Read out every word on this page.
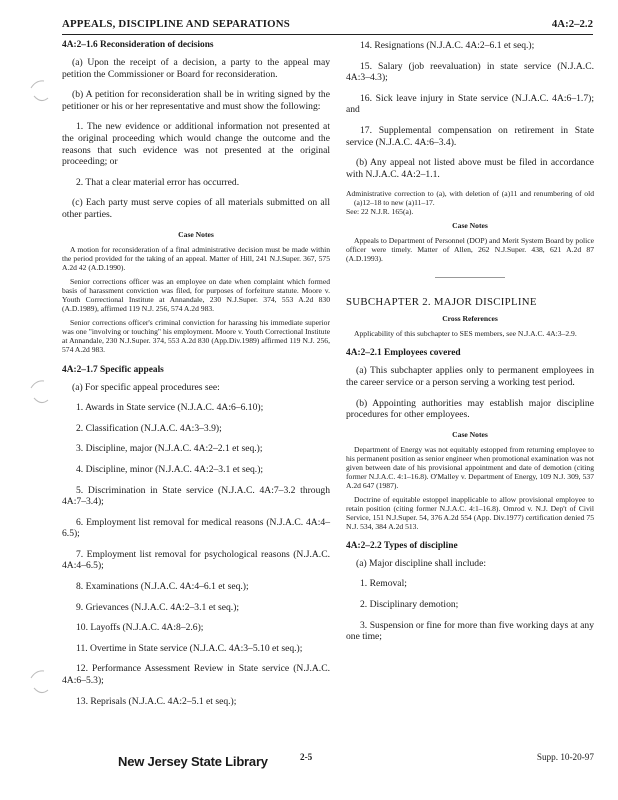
APPEALS, DISCIPLINE AND SEPARATIONS	4A:2–2.2

4A:2–1.6 Reconsideration of decisions

(a) Upon the receipt of a decision, a party to the appeal may petition the Commissioner or Board for reconsideration.

(b) A petition for reconsideration shall be in writing signed by the petitioner or his or her representative and must show the following:

1. The new evidence or additional information not presented at the original proceeding which would change the outcome and the reasons that such evidence was not presented at the original proceeding; or

2. That a clear material error has occurred.

(c) Each party must serve copies of all materials submitted on all other parties.

Case Notes

A motion for reconsideration of a final administrative decision must be made within the period provided for the taking of an appeal. Matter of Hill, 241 N.J.Super. 367, 575 A.2d 42 (A.D.1990).

Senior corrections officer was an employee on date when complaint which formed basis of harassment conviction was filed, for purposes of forfeiture statute. Moore v. Youth Correctional Institute at Annandale, 230 N.J.Super. 374, 553 A.2d 830 (A.D.1989), affirmed 119 N.J. 256, 574 A.2d 983.

Senior corrections officer's criminal conviction for harassing his immediate superior was one "involving or touching" his employment. Moore v. Youth Correctional Institute at Annandale, 230 N.J.Super. 374, 553 A.2d 830 (App.Div.1989) affirmed 119 N.J. 256, 574 A.2d 983.

4A:2–1.7 Specific appeals

(a) For specific appeal procedures see:

1. Awards in State service (N.J.A.C. 4A:6–6.10);

2. Classification (N.J.A.C. 4A:3–3.9);

3. Discipline, major (N.J.A.C. 4A:2–2.1 et seq.);

4. Discipline, minor (N.J.A.C. 4A:2–3.1 et seq.);

5. Discrimination in State service (N.J.A.C. 4A:7–3.2 through 4A:7–3.4);

6. Employment list removal for medical reasons (N.J.A.C. 4A:4–6.5);

7. Employment list removal for psychological reasons (N.J.A.C. 4A:4–6.5);

8. Examinations (N.J.A.C. 4A:4–6.1 et seq.);

9. Grievances (N.J.A.C. 4A:2–3.1 et seq.);

10. Layoffs (N.J.A.C. 4A:8–2.6);

11. Overtime in State service (N.J.A.C. 4A:3–5.10 et seq.);

12. Performance Assessment Review in State service (N.J.A.C. 4A:6–5.3);

13. Reprisals (N.J.A.C. 4A:2–5.1 et seq.);

14. Resignations (N.J.A.C. 4A:2–6.1 et seq.);

15. Salary (job reevaluation) in state service (N.J.A.C. 4A:3–4.3);

16. Sick leave injury in State service (N.J.A.C. 4A:6–1.7); and

17. Supplemental compensation on retirement in State service (N.J.A.C. 4A:6–3.4).

(b) Any appeal not listed above must be filed in accordance with N.J.A.C. 4A:2–1.1.

Administrative correction to (a), with deletion of (a)11 and renumbering of old (a)12–18 to new (a)11–17.

See: 22 N.J.R. 165(a).

Case Notes

Appeals to Department of Personnel (DOP) and Merit System Board by police officer were timely. Matter of Allen, 262 N.J.Super. 438, 621 A.2d 87 (A.D.1993).

SUBCHAPTER 2. MAJOR DISCIPLINE

Cross References

Applicability of this subchapter to SES members, see N.J.A.C. 4A:3–2.9.

4A:2–2.1 Employees covered

(a) This subchapter applies only to permanent employees in the career service or a person serving a working test period.

(b) Appointing authorities may establish major discipline procedures for other employees.

Case Notes

Department of Energy was not equitably estopped from returning employee to his permanent position as senior engineer when promotional examination was not given between date of his provisional appointment and date of demotion (citing former N.J.A.C. 4:1–16.8). O'Malley v. Department of Energy, 109 N.J. 309, 537 A.2d 647 (1987).

Doctrine of equitable estoppel inapplicable to allow provisional employee to retain position (citing former N.J.A.C. 4:1–16.8). Omrod v. N.J. Dep't of Civil Service, 151 N.J.Super. 54, 376 A.2d 554 (App. Div.1977) certification denied 75 N.J. 534, 384 A.2d 513.

4A:2–2.2 Types of discipline

(a) Major discipline shall include:

1. Removal;

2. Disciplinary demotion;

3. Suspension or fine for more than five working days at any one time;

New Jersey State Library	2-5	Supp. 10-20-97
